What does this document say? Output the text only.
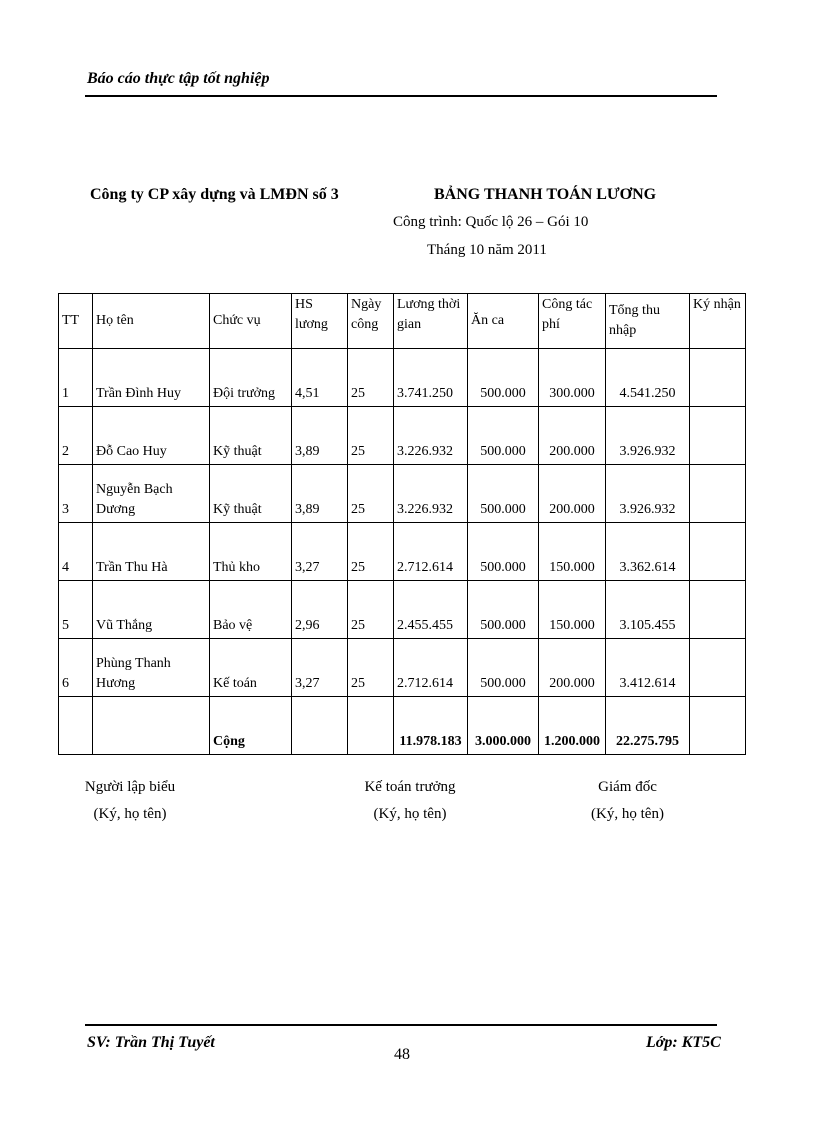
Báo cáo thực tập tốt nghiệp
Công ty CP xây dựng và LMĐN số 3	BẢNG THANH TOÁN LƯƠNG
Công trình: Quốc lộ 26 – Gói 10
Tháng 10 năm 2011
TT	Họ tên	Chức vụ	HS lương	Ngày công	Lương thời gian	Ăn ca	Công tác phí	Tổng thu nhập	Ký nhận
1	Trần Đình Huy	Đội trưởng	4,51	25	3.741.250	500.000	300.000	4.541.250	
2	Đỗ Cao Huy	Kỹ thuật	3,89	25	3.226.932	500.000	200.000	3.926.932	
3	Nguyễn Bạch Dương	Kỹ thuật	3,89	25	3.226.932	500.000	200.000	3.926.932	
4	Trần Thu Hà	Thủ kho	3,27	25	2.712.614	500.000	150.000	3.362.614	
5	Vũ Thắng	Bảo vệ	2,96	25	2.455.455	500.000	150.000	3.105.455	
6	Phùng Thanh Hương	Kế toán	3,27	25	2.712.614	500.000	200.000	3.412.614	
		Cộng			11.978.183	3.000.000	1.200.000	22.275.795	
Người lập biểu
(Ký, họ tên)
Kế toán trưởng
(Ký, họ tên)
Giám đốc
(Ký, họ tên)
SV: Trần Thị Tuyết
48
Lớp: KT5C
